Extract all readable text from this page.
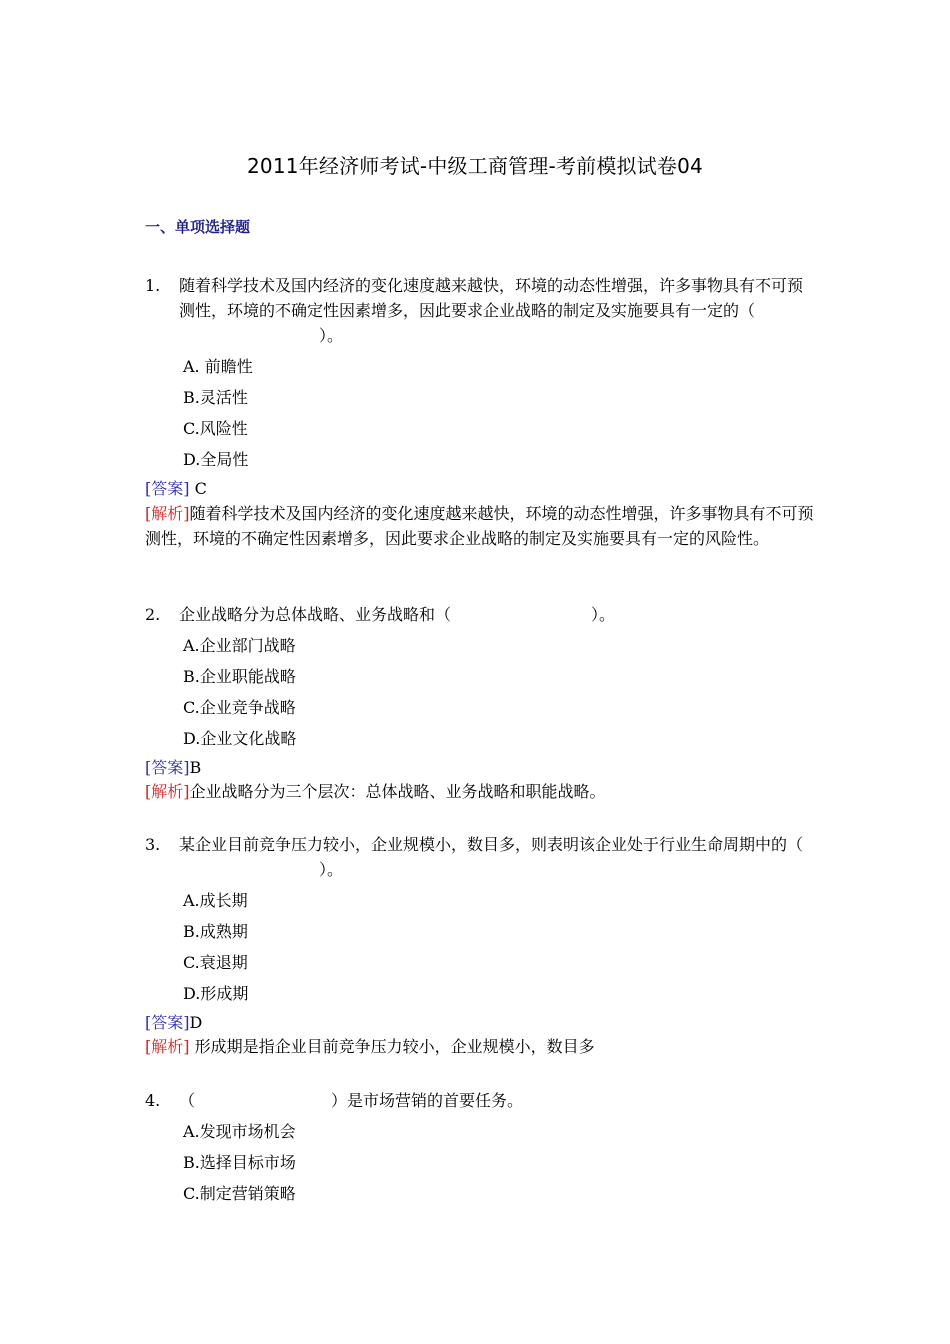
2011年经济师考试-中级工商管理-考前模拟试卷04
一、单项选择题
1.	随着科学技术及国内经济的变化速度越来越快，环境的动态性增强，许多事物具有不可预测性，环境的不确定性因素增多，因此要求企业战略的制定及实施要具有一定的（）。
A. 前瞻性
B.灵活性
C.风险性
D.全局性
[答案] C
[解析]随着科学技术及国内经济的变化速度越来越快，环境的动态性增强，许多事物具有不可预测性，环境的不确定性因素增多，因此要求企业战略的制定及实施要具有一定的风险性。
2.	企业战略分为总体战略、业务战略和（	）。
A.企业部门战略
B.企业职能战略
C.企业竞争战略
D.企业文化战略
[答案]B
[解析]企业战略分为三个层次：总体战略、业务战略和职能战略。
3.	某企业目前竞争压力较小，企业规模小，数目多，则表明该企业处于行业生命周期中的（）。
A.成长期
B.成熟期
C.衰退期
D.形成期
[答案]D
[解析] 形成期是指企业目前竞争压力较小，企业规模小，数目多
4.	（	）是市场营销的首要任务。
A.发现市场机会
B.选择目标市场
C.制定营销策略
